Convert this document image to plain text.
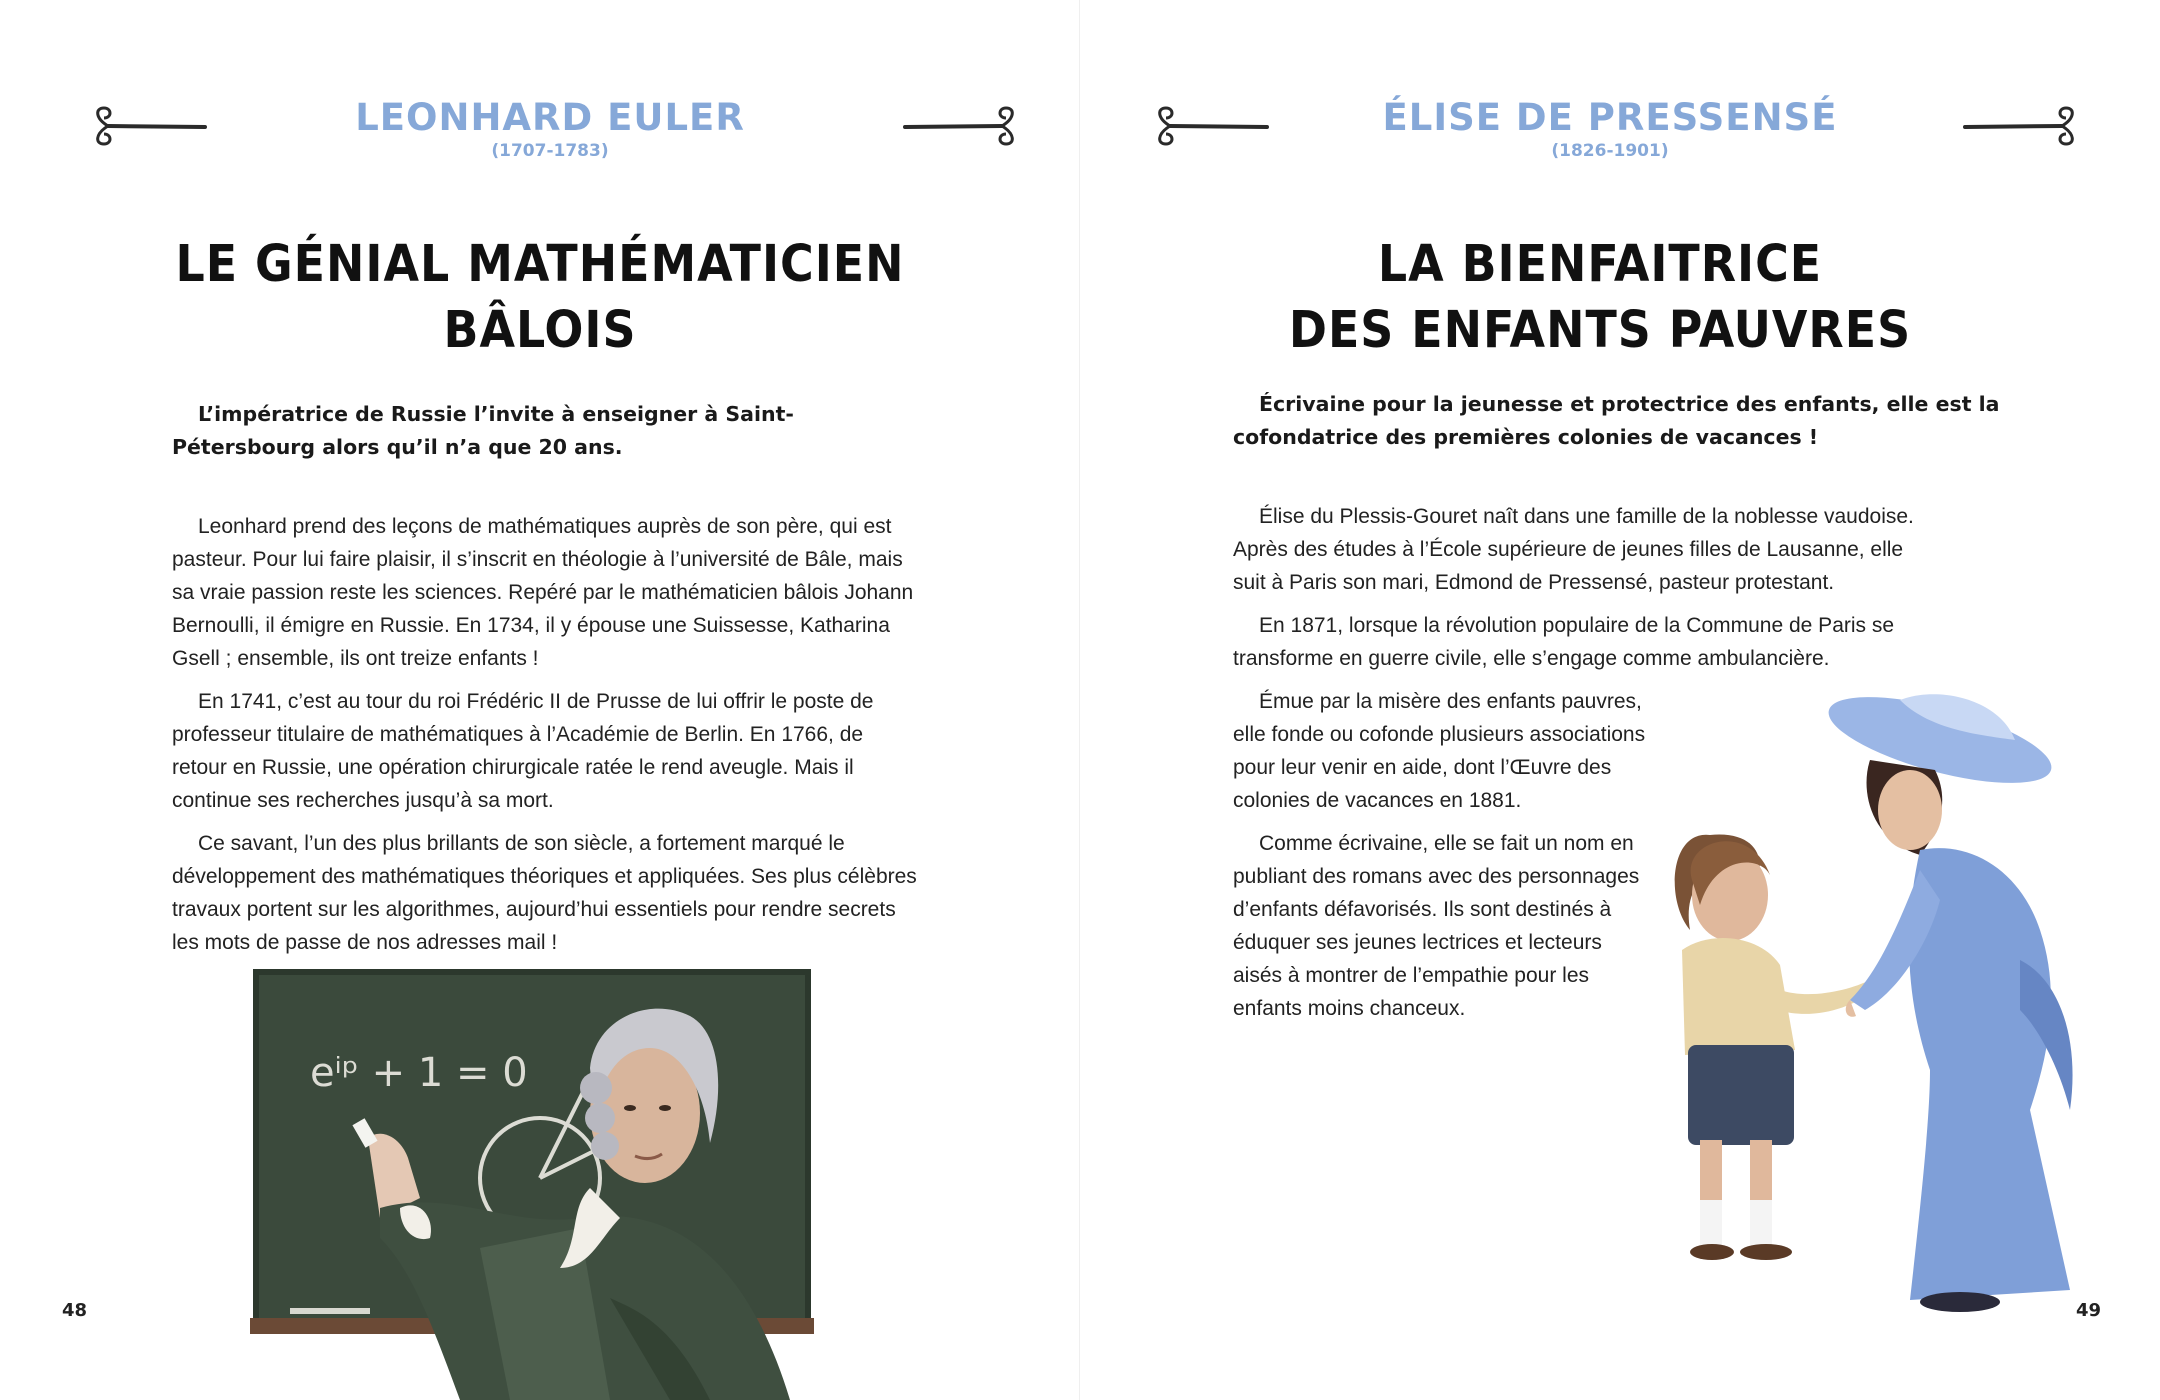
LEONHARD EULER
(1707-1783)
LE GÉNIAL MATHÉMATICIEN
BÂLOIS

L’impératrice de Russie l’invite à enseigner à Saint-Pétersbourg alors qu’il n’a que 20 ans.

Leonhard prend des leçons de mathématiques auprès de son père, qui est pasteur. Pour lui faire plaisir, il s’inscrit en théologie à l’université de Bâle, mais sa vraie passion reste les sciences. Repéré par le mathématicien bâlois Johann Bernoulli, il émigre en Russie. En 1734, il y épouse une Suissesse, Katharina Gsell ; ensemble, ils ont treize enfants !

En 1741, c’est au tour du roi Frédéric II de Prusse de lui offrir le poste de professeur titulaire de mathématiques à l’Académie de Berlin. En 1766, de retour en Russie, une opération chirurgicale ratée le rend aveugle. Mais il continue ses recherches jusqu’à sa mort.

Ce savant, l’un des plus brillants de son siècle, a fortement marqué le développement des mathématiques théoriques et appliquées. Ses plus célèbres travaux portent sur les algorithmes, aujourd’hui essentiels pour rendre secrets les mots de passe de nos adresses mail !

eⁱᵖ + 1 = 0
48
ÉLISE DE PRESSENSÉ
(1826-1901)
LA BIENFAITRICE
DES ENFANTS PAUVRES

Écrivaine pour la jeunesse et protectrice des enfants, elle est la cofondatrice des premières colonies de vacances !

Élise du Plessis-Gouret naît dans une famille de la noblesse vaudoise. Après des études à l’École supérieure de jeunes filles de Lausanne, elle suit à Paris son mari, Edmond de Pressensé, pasteur protestant.

En 1871, lorsque la révolution populaire de la Commune de Paris se transforme en guerre civile, elle s’engage comme ambulancière.

Émue par la misère des enfants pauvres, elle fonde ou cofonde plusieurs associations pour leur venir en aide, dont l’Œuvre des colonies de vacances en 1881.

Comme écrivaine, elle se fait un nom en publiant des romans avec des personnages d’enfants défavorisés. Ils sont destinés à éduquer ses jeunes lectrices et lecteurs aisés à montrer de l’empathie pour les enfants moins chanceux.

49
